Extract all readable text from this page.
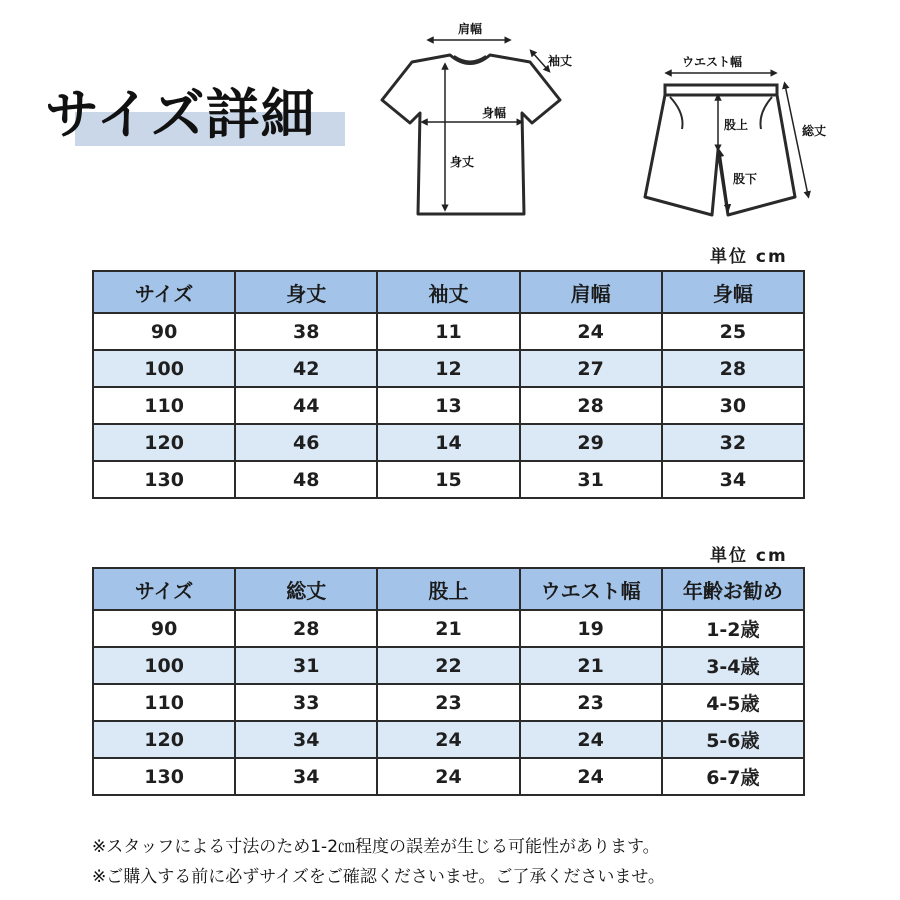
サイズ詳細
肩幅
袖丈
身幅
身丈
ウエスト幅
股上
股下
総丈
単位 cm
サイズ	身丈	袖丈	肩幅	身幅
90	38	11	24	25
100	42	12	27	28
110	44	13	28	30
120	46	14	29	32
130	48	15	31	34
単位 cm
サイズ	総丈	股上	ウエスト幅	年齢お勧め
90	28	21	19	1-2歳
100	31	22	21	3-4歳
110	33	23	23	4-5歳
120	34	24	24	5-6歳
130	34	24	24	6-7歳
※スタッフによる寸法のため1-2㎝程度の誤差が生じる可能性があります。
※ご購入する前に必ずサイズをご確認くださいませ。ご了承くださいませ。
